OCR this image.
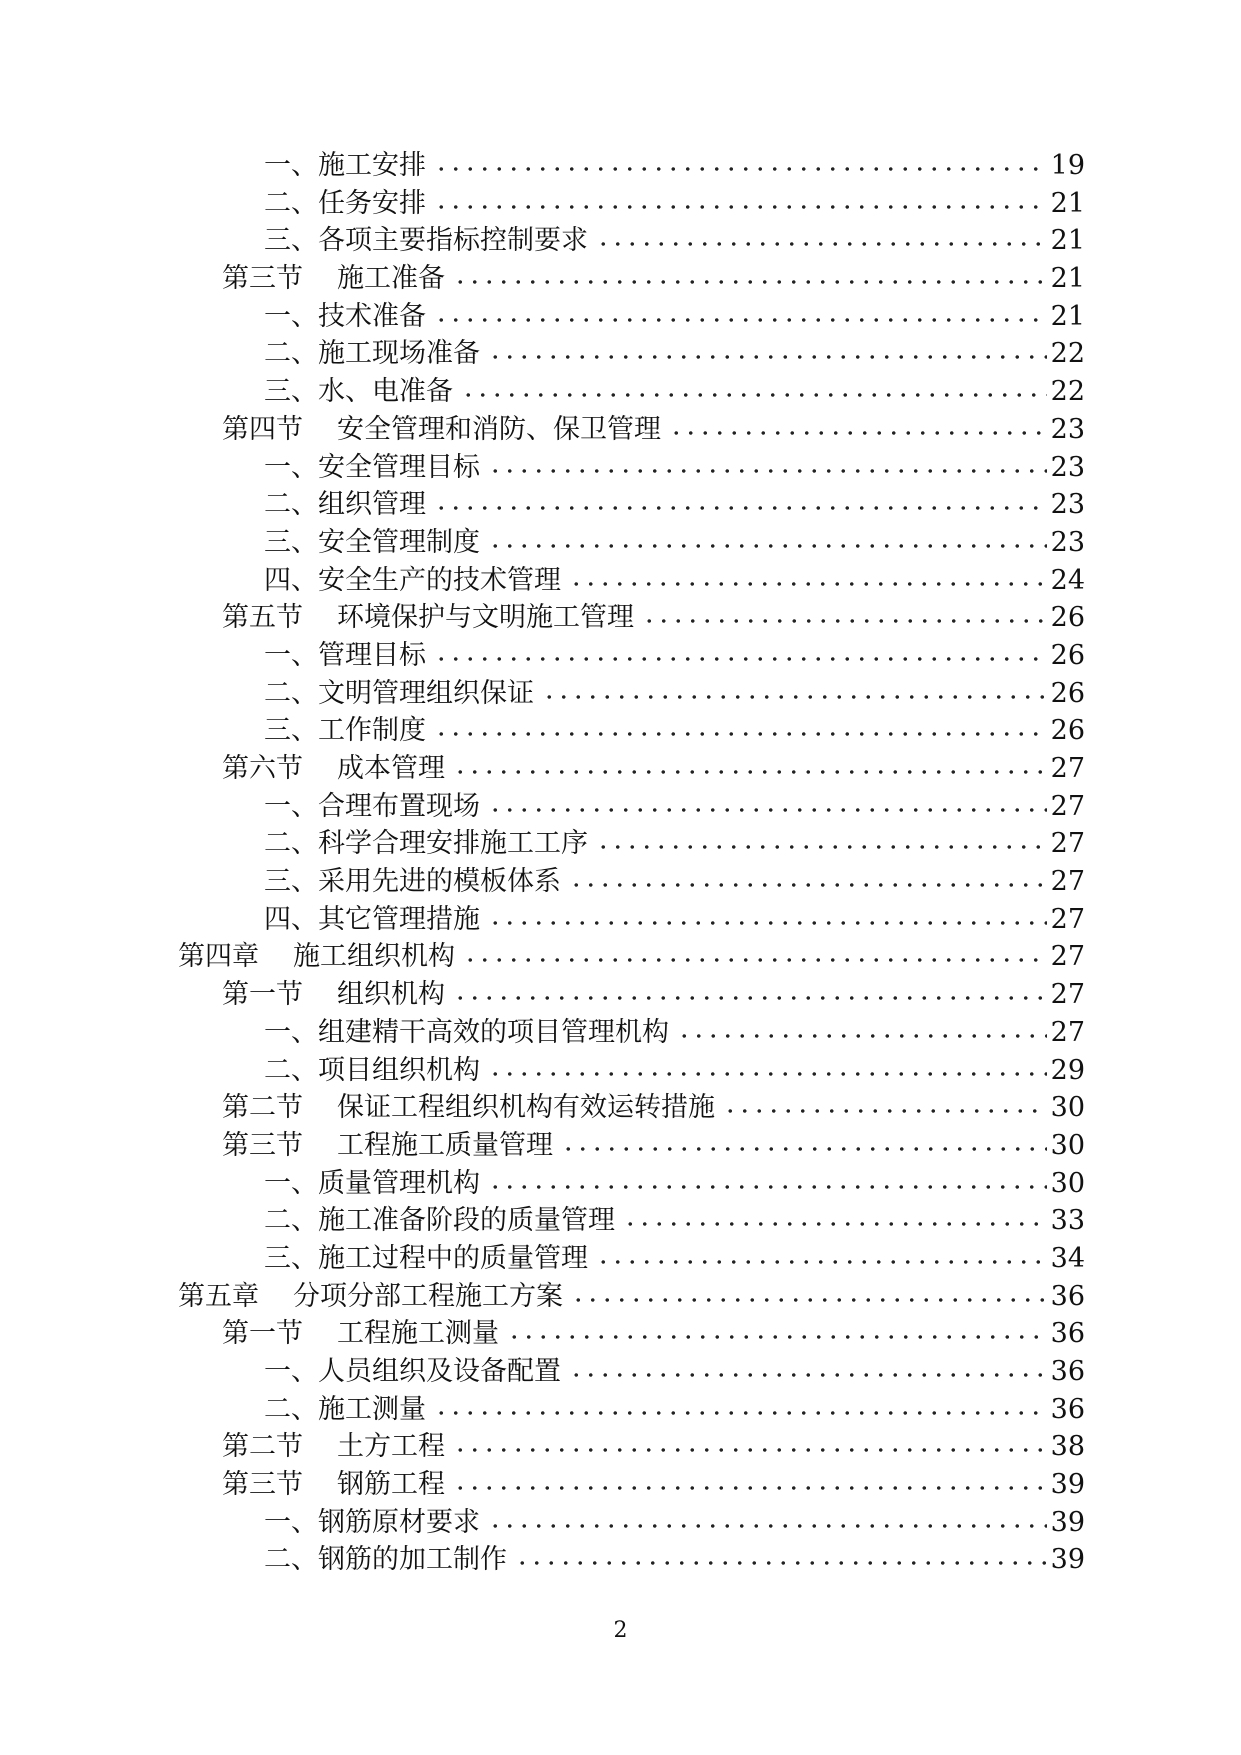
一、 施工安排	19
二、 任务安排	21
三、 各项主要指标控制要求	21
第三节 施工准备	21
一、 技术准备	21
二、 施工现场准备	22
三、 水、电准备	22
第四节 安全管理和消防、保卫管理	23
一、 安全管理目标	23
二、 组织管理	23
三、 安全管理制度	23
四、 安全生产的技术管理	24
第五节 环境保护与文明施工管理	26
一、 管理目标	26
二、 文明管理组织保证	26
三、 工作制度	26
第六节 成本管理	27
一、 合理布置现场	27
二、 科学合理安排施工工序	27
三、 采用先进的模板体系	27
四、 其它管理措施	27
第四章 施工组织机构	27
第一节 组织机构	27
一、 组建精干高效的项目管理机构	27
二、 项目组织机构	29
第二节 保证工程组织机构有效运转措施	30
第三节 工程施工质量管理	30
一、 质量管理机构	30
二、 施工准备阶段的质量管理	33
三、 施工过程中的质量管理	34
第五章 分项分部工程施工方案	36
第一节 工程施工测量	36
一、 人员组织及设备配置	36
二、 施工测量	36
第二节 土方工程	38
第三节 钢筋工程	39
一、 钢筋原材要求	39
二、 钢筋的加工制作	39
2
